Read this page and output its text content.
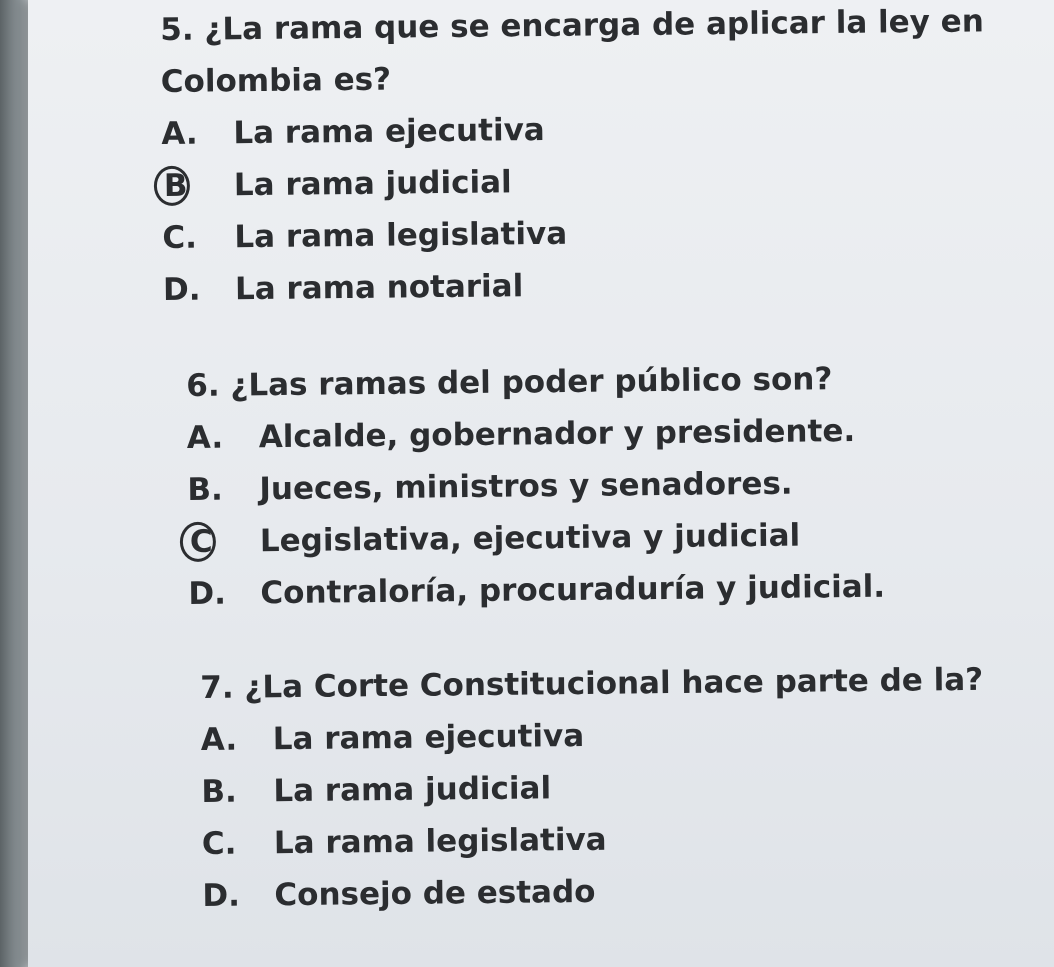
5. ¿La rama que se encarga de aplicar la ley en

Colombia es?

A.	La rama ejecutiva
B	La rama judicial
C.	La rama legislativa
D.	La rama notarial

6. ¿Las ramas del poder público son?

A.	Alcalde, gobernador y presidente.
B.	Jueces, ministros y senadores.
C	Legislativa, ejecutiva y judicial
D.	Contraloría, procuraduría y judicial.

7. ¿La Corte Constitucional hace parte de la?

A.	La rama ejecutiva
B.	La rama judicial
C.	La rama legislativa
D.	Consejo de estado
